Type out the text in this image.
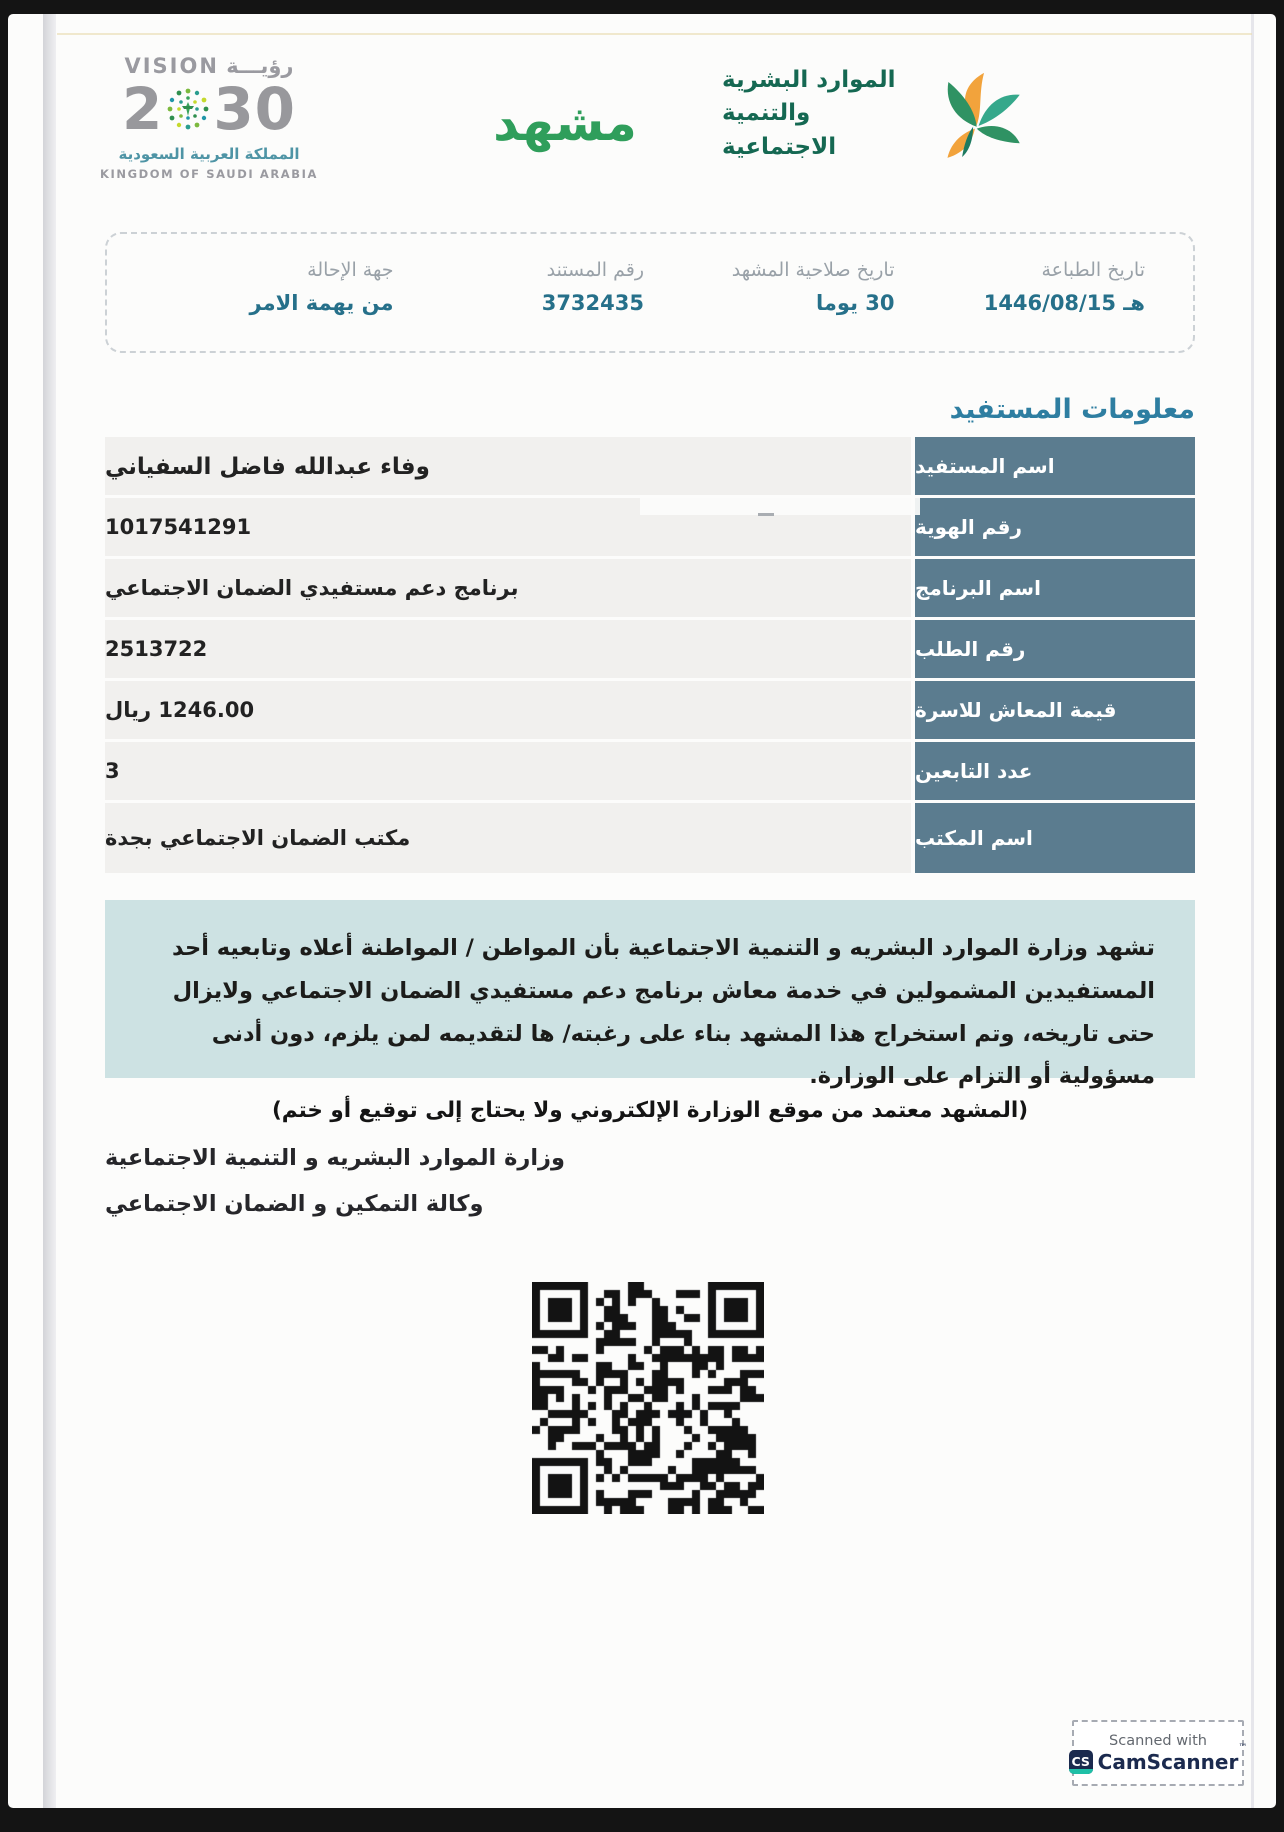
رؤيـــة VISION
2 30
المملكة العربية السعودية
KINGDOM OF SAUDI ARABIA
مشهد
الموارد البشرية
والتنمية الاجتماعية
تاريخ الطباعة
1446/08/15 هـ
تاريخ صلاحية المشهد
30 يوما
رقم المستند
3732435
جهة الإحالة
من يهمة الامر
معلومات المستفيد
وفاء عبدالله فاضل السفياني	اسم المستفيد
1017541291	رقم الهوية
برنامج دعم مستفيدي الضمان الاجتماعي	اسم البرنامج
2513722	رقم الطلب
1246.00 ريال	قيمة المعاش للاسرة
3	عدد التابعين
مكتب الضمان الاجتماعي بجدة	اسم المكتب

تشهد وزارة الموارد البشريه و التنمية الاجتماعية بأن المواطن / المواطنة أعلاه وتابعيه أحد المستفيدين المشمولين في خدمة معاش برنامج دعم مستفيدي الضمان الاجتماعي ولايزال حتى تاريخه، وتم استخراج هذا المشهد بناء على رغبته/ ها لتقديمه لمن يلزم، دون أدنى مسؤولية أو التزام على الوزارة.

(المشهد معتمد من موقع الوزارة الإلكتروني ولا يحتاج إلى توقيع أو ختم)
وزارة الموارد البشريه و التنمية الاجتماعية
وكالة التمكين و الضمان الاجتماعي
Scanned with
CS CamScanner™
